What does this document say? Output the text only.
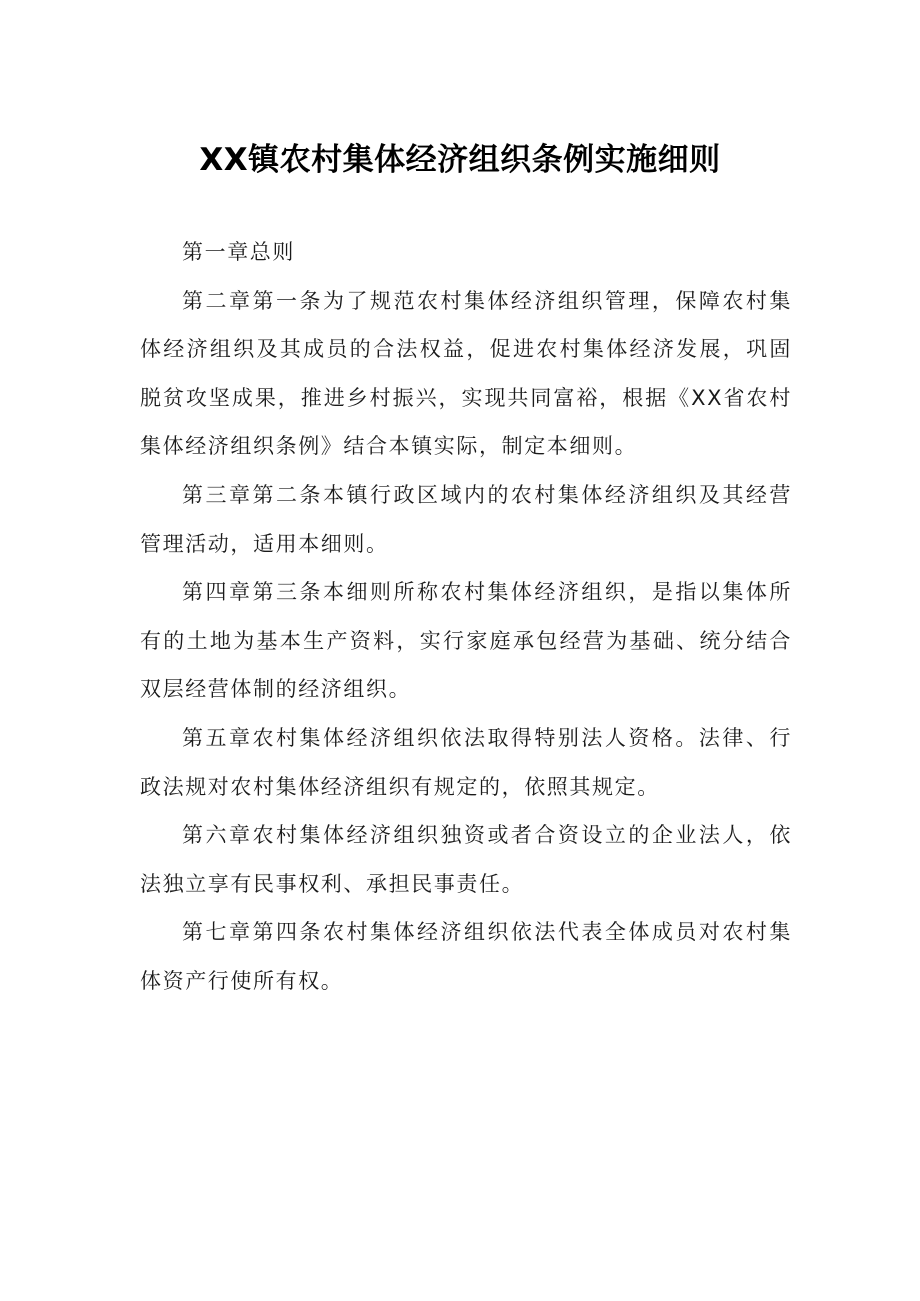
XX镇农村集体经济组织条例实施细则

第一章总则

第二章第一条为了规范农村集体经济组织管理，保障农村集体经济组织及其成员的合法权益，促进农村集体经济发展，巩固脱贫攻坚成果，推进乡村振兴，实现共同富裕，根据《XX省农村集体经济组织条例》结合本镇实际，制定本细则。

第三章第二条本镇行政区域内的农村集体经济组织及其经营管理活动，适用本细则。

第四章第三条本细则所称农村集体经济组织，是指以集体所有的土地为基本生产资料，实行家庭承包经营为基础、统分结合双层经营体制的经济组织。

第五章农村集体经济组织依法取得特别法人资格。法律、行政法规对农村集体经济组织有规定的，依照其规定。

第六章农村集体经济组织独资或者合资设立的企业法人，依法独立享有民事权利、承担民事责任。

第七章第四条农村集体经济组织依法代表全体成员对农村集体资产行使所有权。
